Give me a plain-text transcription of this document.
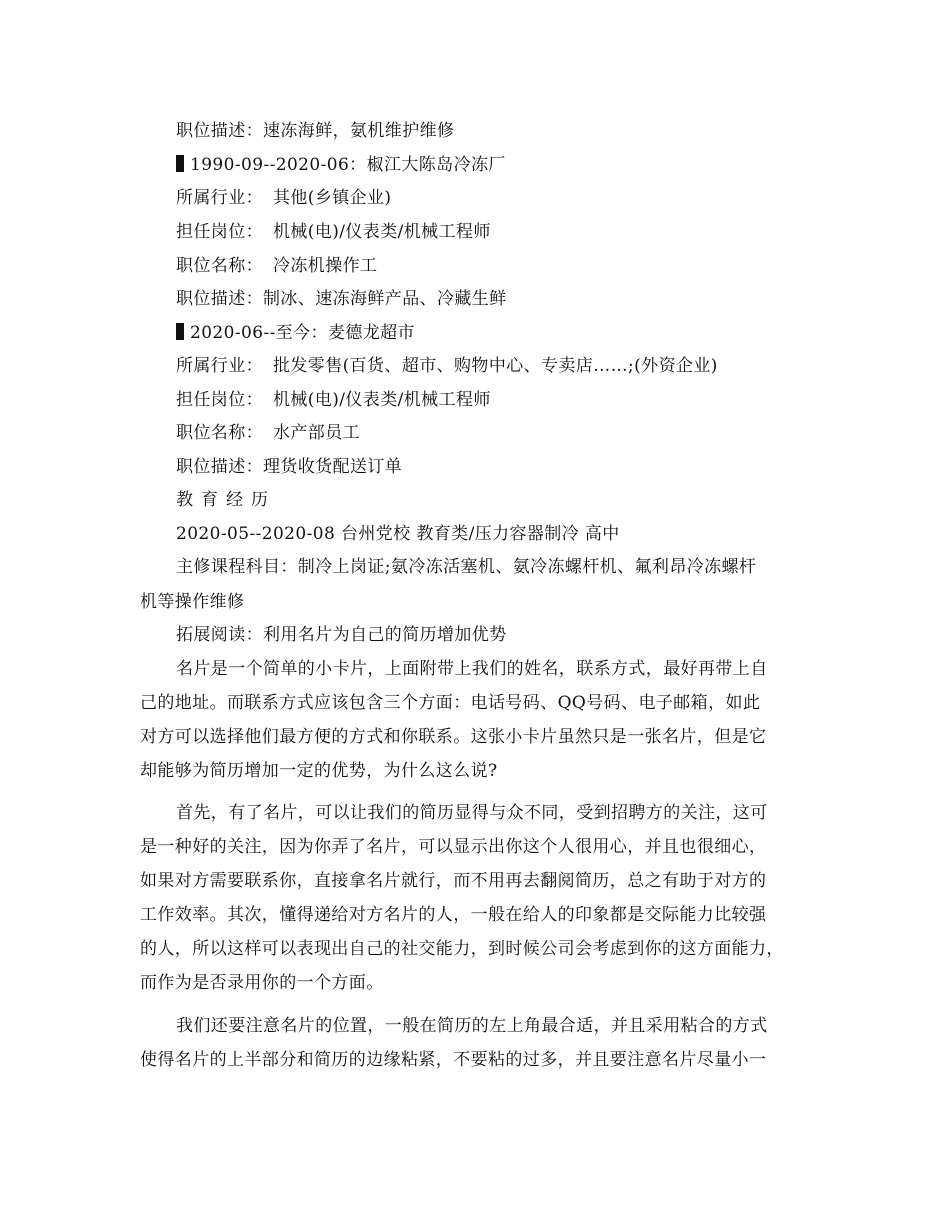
职位描述：速冻海鲜，氨机维护维修
1990-09--2020-06：椒江大陈岛冷冻厂
所属行业： 其他(乡镇企业)
担任岗位： 机械(电)/仪表类/机械工程师
职位名称： 冷冻机操作工
职位描述：制冰、速冻海鲜产品、冷藏生鲜
2020-06--至今：麦德龙超市
所属行业： 批发零售(百货、超市、购物中心、专卖店……;(外资企业)
担任岗位： 机械(电)/仪表类/机械工程师
职位名称： 水产部员工
职位描述：理货收货配送订单
教育经历
2020-05--2020-08 台州党校 教育类/压力容器制冷 高中
主修课程科目：制冷上岗证;氨冷冻活塞机、氨冷冻螺杆机、氟利昂冷冻螺杆
机等操作维修
拓展阅读：利用名片为自己的简历增加优势
名片是一个简单的小卡片，上面附带上我们的姓名，联系方式，最好再带上自
己的地址。而联系方式应该包含三个方面：电话号码、QQ号码、电子邮箱，如此
对方可以选择他们最方便的方式和你联系。这张小卡片虽然只是一张名片，但是它
却能够为简历增加一定的优势，为什么这么说?
首先，有了名片，可以让我们的简历显得与众不同，受到招聘方的关注，这可
是一种好的关注，因为你弄了名片，可以显示出你这个人很用心，并且也很细心，
如果对方需要联系你，直接拿名片就行，而不用再去翻阅简历，总之有助于对方的
工作效率。其次，懂得递给对方名片的人，一般在给人的印象都是交际能力比较强
的人，所以这样可以表现出自己的社交能力，到时候公司会考虑到你的这方面能力，
而作为是否录用你的一个方面。
我们还要注意名片的位置，一般在简历的左上角最合适，并且采用粘合的方式
使得名片的上半部分和简历的边缘粘紧，不要粘的过多，并且要注意名片尽量小一
